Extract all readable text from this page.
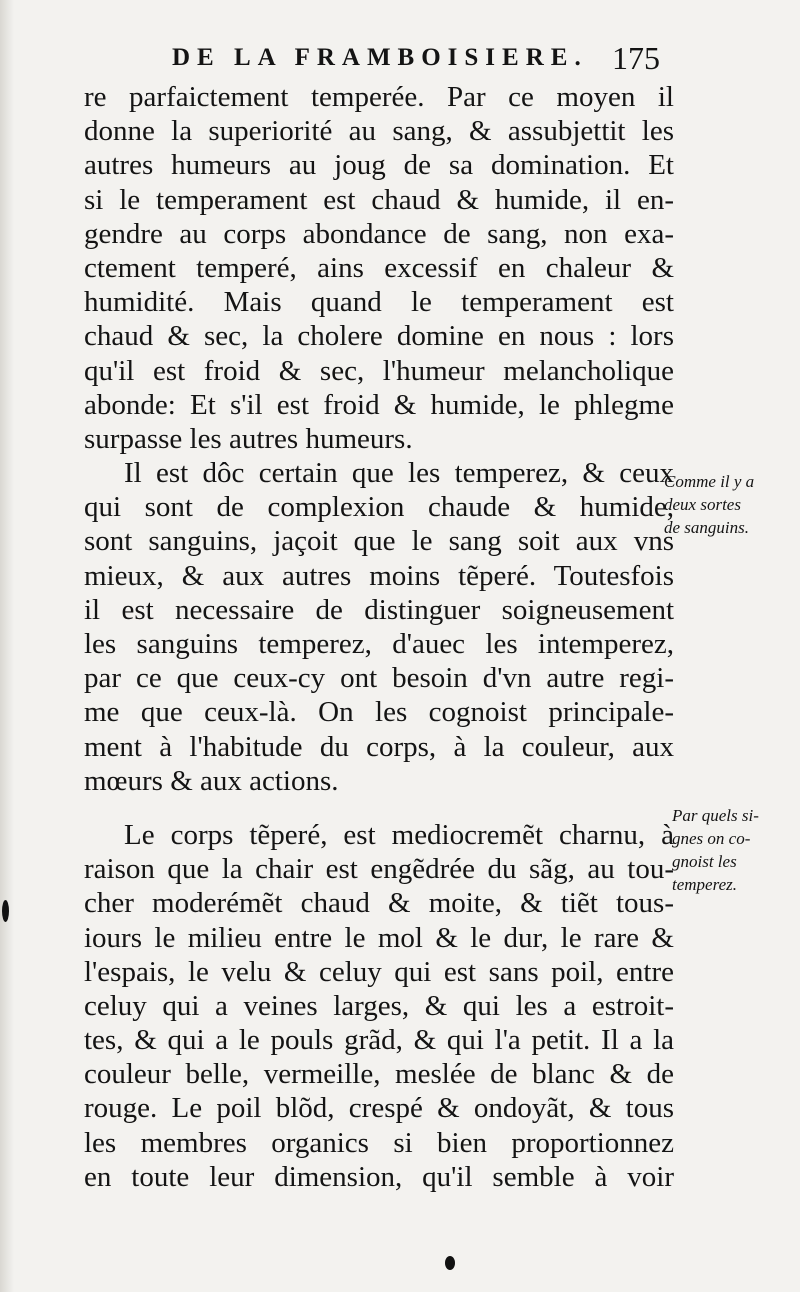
DE LA FRAMBOISIERE. 175
re parfaictement temperée. Par ce moyen il
donne la superiorité au sang, & assubjettit les
autres humeurs au joug de sa domination. Et
si le temperament est chaud & humide, il en-
gendre au corps abondance de sang, non exa-
ctement temperé, ains excessif en chaleur &
humidité. Mais quand le temperament est
chaud & sec, la cholere domine en nous : lors
qu'il est froid & sec, l'humeur melancholique
abonde: Et s'il est froid & humide, le phlegme
surpasse les autres humeurs.
Il est dôc certain que les temperez, & ceux
qui sont de complexion chaude & humide,
sont sanguins, jaçoit que le sang soit aux vns
mieux, & aux autres moins tẽperé. Toutesfois
il est necessaire de distinguer soigneusement
les sanguins temperez, d'auec les intemperez,
par ce que ceux-cy ont besoin d'vn autre regi-
me que ceux-là. On les cognoist principale-
ment à l'habitude du corps, à la couleur, aux
mœurs & aux actions.
Le corps tẽperé, est mediocremẽt charnu, à
raison que la chair est engẽdrée du sãg, au tou-
cher moderémẽt chaud & moite, & tiẽt tous-
iours le milieu entre le mol & le dur, le rare &
l'espais, le velu & celuy qui est sans poil, entre
celuy qui a veines larges, & qui les a estroit-
tes, & qui a le pouls grãd, & qui l'a petit. Il a la
couleur belle, vermeille, meslée de blanc & de
rouge. Le poil blõd, crespé & ondoyãt, & tous
les membres organics si bien proportionnez
en toute leur dimension, qu'il semble à voir
Comme il y a
deux sortes
de sanguins.
Par quels si-
gnes on co-
gnoist les
temperez.
